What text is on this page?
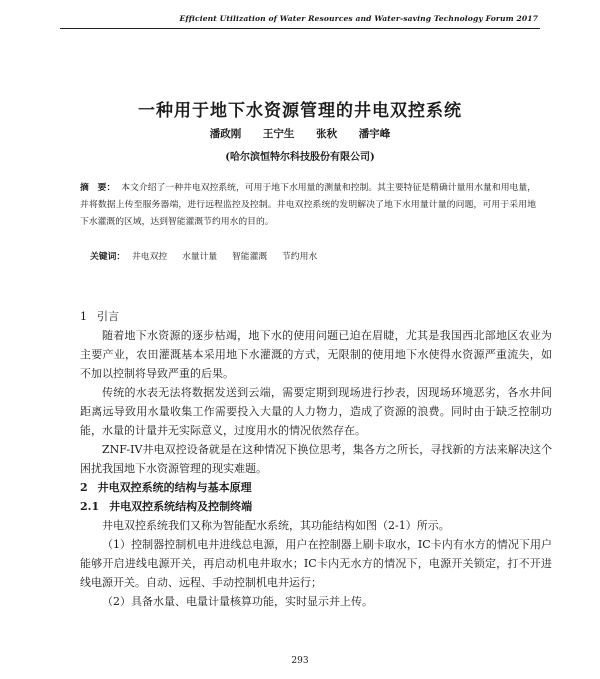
Efficient Utilization of Water Resources and Water-saving Technology Forum 2017
一种用于地下水资源管理的井电双控系统
潘政刚 王宁生 张秋 潘宇峰
(哈尔滨恒特尔科技股份有限公司)
摘　要： 本文介绍了一种井电双控系统，可用于地下水用量的测量和控制。其主要特征是精确计量用水量和用电量，并将数据上传至服务器端，进行远程监控及控制。井电双控系统的发明解决了地下水用量计量的问题，可用于采用地下水灌溉的区域，达到智能灌溉节约用水的目的。
关键词： 井电双控 水量计量 智能灌溉 节约用水

1 引言

随着地下水资源的逐步枯竭，地下水的使用问题已迫在眉睫，尤其是我国西北部地区农业为主要产业，农田灌溉基本采用地下水灌溉的方式，无限制的使用地下水使得水资源严重流失，如不加以控制将导致严重的后果。

传统的水表无法将数据发送到云端，需要定期到现场进行抄表，因现场环境恶劣，各水井间距离远导致用水量收集工作需要投入大量的人力物力，造成了资源的浪费。同时由于缺乏控制功能，水量的计量并无实际意义，过度用水的情况依然存在。

ZNF-IV井电双控设备就是在这种情况下换位思考，集各方之所长，寻找新的方法来解决这个困扰我国地下水资源管理的现实难题。

2 井电双控系统的结构与基本原理

2.1 井电双控系统结构及控制终端

井电双控系统我们又称为智能配水系统，其功能结构如图（2-1）所示。

（1）控制器控制机电井进线总电源，用户在控制器上刷卡取水，IC卡内有水方的情况下用户能够开启进线电源开关，再启动机电井取水；IC卡内无水方的情况下，电源开关锁定，打不开进线电源开关。自动、远程、手动控制机电井运行；

（2）具备水量、电量计量核算功能，实时显示并上传。

293
